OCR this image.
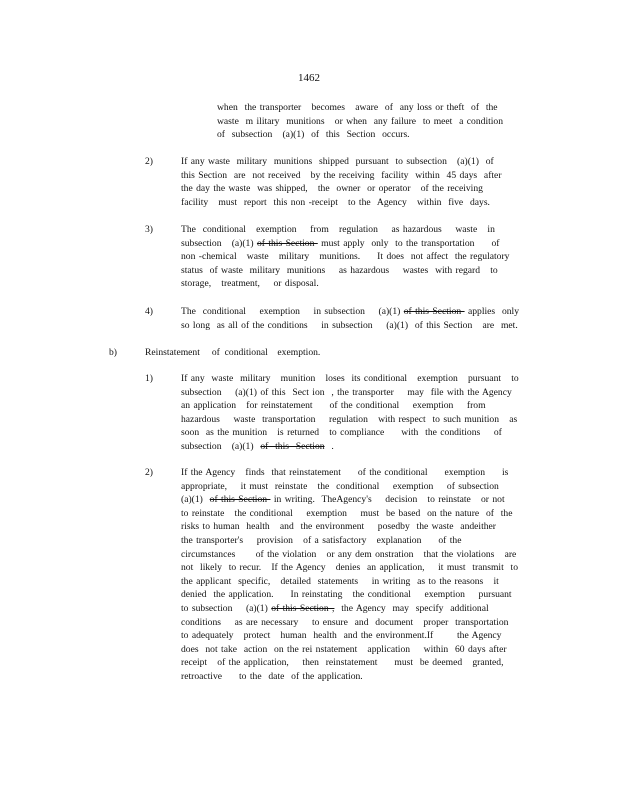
1462
when  the transporter   becomes   aware  of  any loss or theft  of  the
waste  m ilitary  munitions   or when  any failure  to meet  a condition
of  subsection   (a)(1)  of  this  Section  occurs.
2)	If any waste  military  munitions  shipped  pursuant  to subsection   (a)(1)  of
this Section  are  not received   by the receiving  facility  within  45 days  after
the day the waste  was shipped,   the  owner  or operator   of the receiving
facility   must  report  this non -receipt   to the  Agency   within  five  days.
3)	The  conditional   exemption    from   regulation    as hazardous    waste   in
subsection   (a)(1) of this Section  must apply  only  to the transportation     of
non -chemical   waste   military   munitions.     It does  not affect  the regulatory
status  of waste  military  munitions    as hazardous    wastes  with regard   to
storage,   treatment,    or disposal.
4)	The  conditional    exemption    in subsection    (a)(1) of this Section  applies  only
so long  as all of the conditions    in subsection    (a)(1)  of this Section   are  met.
b)	Reinstatement     of  conditional    exemption.
1)	If any  waste  military   munition   loses  its conditional   exemption   pursuant   to
subsection    (a)(1) of this  Sect ion  , the transporter    may  file with the Agency
an application   for reinstatement     of the conditional    exemption    from
hazardous    waste  transportation    regulation   with respect  to such munition   as
soon  as the munition   is returned   to compliance     with  the conditions    of
subsection   (a)(1)  of  this  Section  .
2)	If the Agency   finds  that reinstatement     of the conditional     exemption     is
appropriate,    it must  reinstate   the  conditional    exemption    of subsection
(a)(1)  of this Section  in writing.  TheAgency's    decision   to reinstate   or not
to reinstate   the conditional    exemption    must  be based  on the nature  of  the
risks to human  health   and  the environment    posedby  the waste  andeither
the transporter's    provision   of a satisfactory   explanation     of the
circumstances      of the violation   or any dem onstration   that the violations   are
not  likely  to recur.   If the Agency   denies  an application,    it must  transmit  to
the applicant  specific,   detailed  statements    in writing  as to the reasons   it
denied  the application.     In reinstating   the conditional    exemption    pursuant
to subsection    (a)(1) of this Section ,  the Agency  may  specify  additional
conditions    as are necessary    to ensure  and  document   proper  transportation
to adequately   protect   human  health  and the environment.If       the Agency
does  not take  action  on the rei nstatement   application    within  60 days after
receipt   of the application,    then  reinstatement     must  be deemed   granted,
retroactive     to the  date  of the application.
